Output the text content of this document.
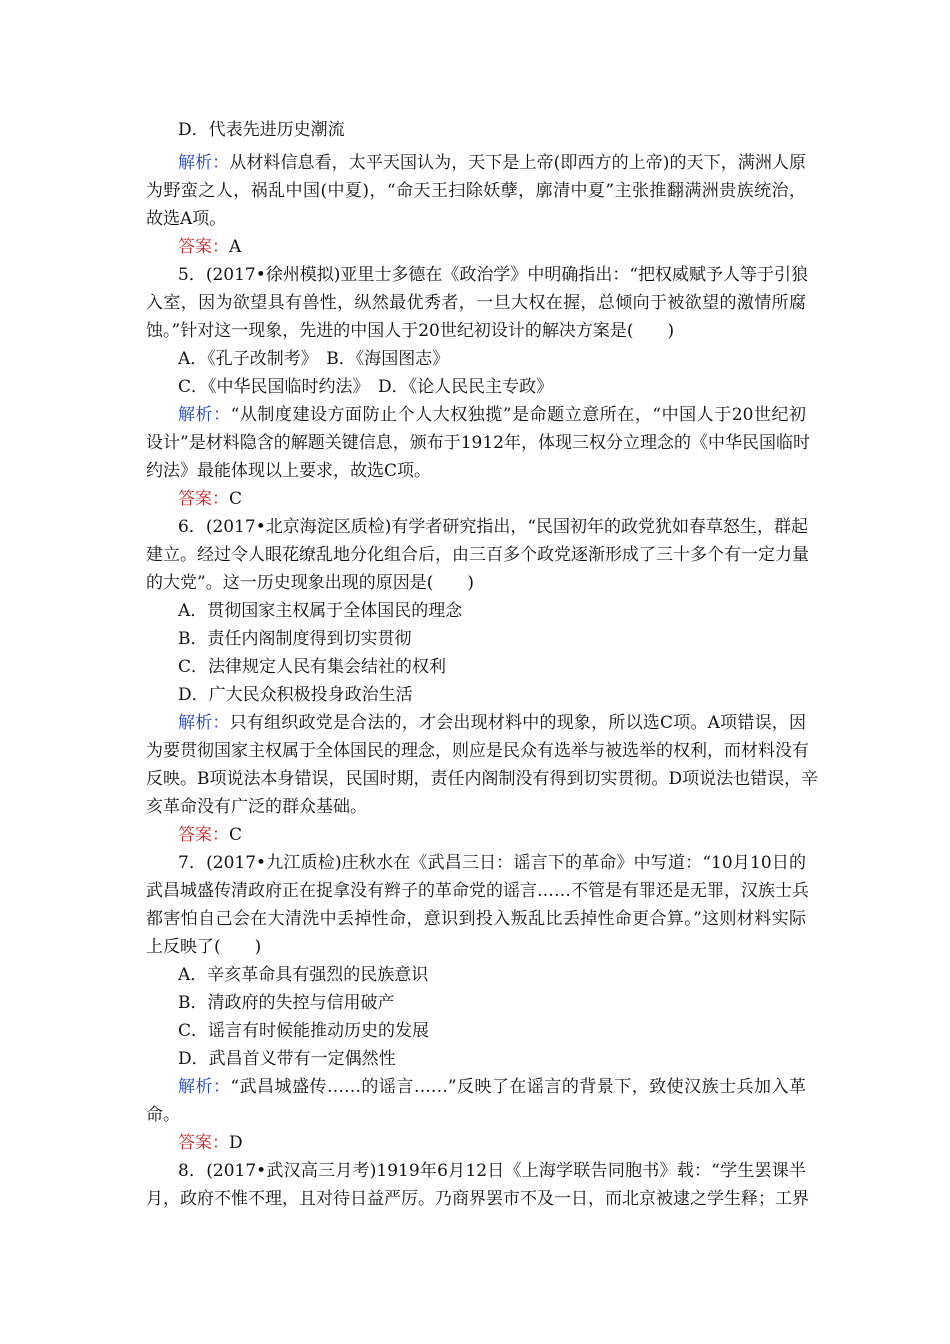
D．代表先进历史潮流
解析：从材料信息看，太平天国认为，天下是上帝(即西方的上帝)的天下，满洲人原
为野蛮之人，祸乱中国(中夏)，“命天王扫除妖孽，廓清中夏”主张推翻满洲贵族统治，
故选A项。
答案：A
5．(2017•徐州模拟)亚里士多德在《政治学》中明确指出：“把权威赋予人等于引狼
入室，因为欲望具有兽性，纵然最优秀者，一旦大权在握，总倾向于被欲望的激情所腐
蚀。”针对这一现象，先进的中国人于20世纪初设计的解决方案是(　　)
A．《孔子改制考》　B．《海国图志》
C．《中华民国临时约法》　D．《论人民民主专政》
解析：“从制度建设方面防止个人大权独揽”是命题立意所在，“中国人于20世纪初
设计”是材料隐含的解题关键信息，颁布于1912年，体现三权分立理念的《中华民国临时
约法》最能体现以上要求，故选C项。
答案：C
6．(2017•北京海淀区质检)有学者研究指出，“民国初年的政党犹如春草怒生，群起
建立。经过令人眼花缭乱地分化组合后，由三百多个政党逐渐形成了三十多个有一定力量
的大党”。这一历史现象出现的原因是(　　)
A．贯彻国家主权属于全体国民的理念
B．责任内阁制度得到切实贯彻
C．法律规定人民有集会结社的权利
D．广大民众积极投身政治生活
解析：只有组织政党是合法的，才会出现材料中的现象，所以选C项。A项错误，因
为要贯彻国家主权属于全体国民的理念，则应是民众有选举与被选举的权利，而材料没有
反映。B项说法本身错误，民国时期，责任内阁制没有得到切实贯彻。D项说法也错误，辛
亥革命没有广泛的群众基础。
答案：C
7．(2017•九江质检)庄秋水在《武昌三日：谣言下的革命》中写道：“10月10日的
武昌城盛传清政府正在捉拿没有辫子的革命党的谣言……不管是有罪还是无罪，汉族士兵
都害怕自己会在大清洗中丢掉性命，意识到投入叛乱比丢掉性命更合算。”这则材料实际
上反映了(　　)
A．辛亥革命具有强烈的民族意识
B．清政府的失控与信用破产
C．谣言有时候能推动历史的发展
D．武昌首义带有一定偶然性
解析：“武昌城盛传……的谣言……”反映了在谣言的背景下，致使汉族士兵加入革
命。
答案：D
8．(2017•武汉高三月考)1919年6月12日《上海学联告同胞书》载：“学生罢课半
月，政府不惟不理，且对待日益严厉。乃商界罢市不及一日，而北京被逮之学生释；工界
